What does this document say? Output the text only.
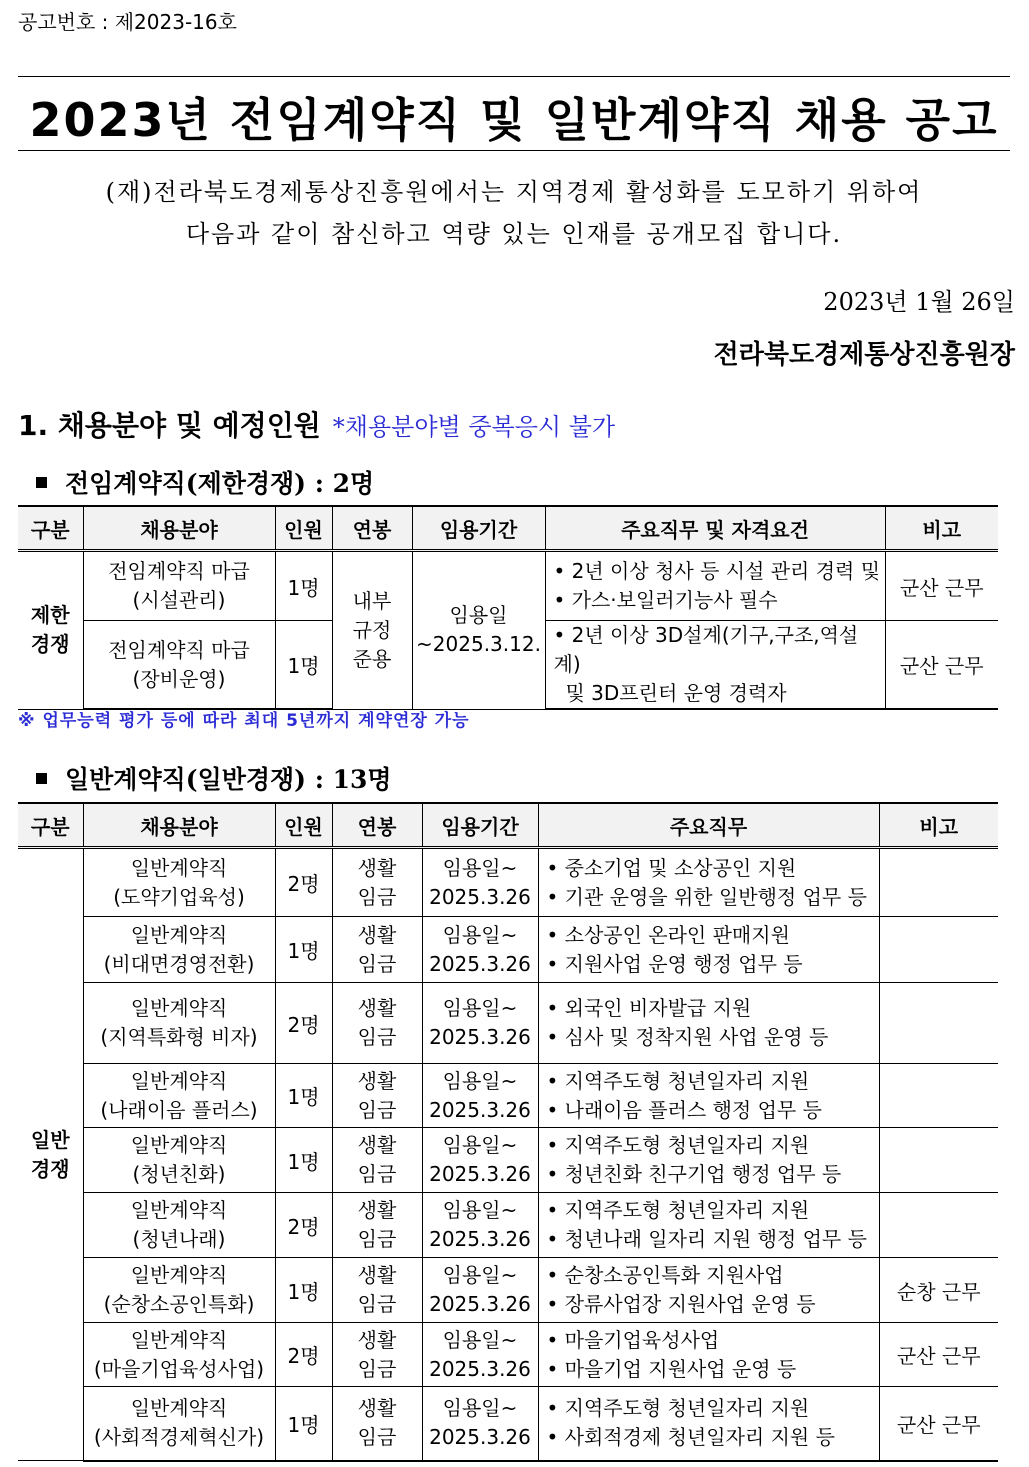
공고번호 : 제2023-16호
2023년 전임계약직 및 일반계약직 채용 공고
(재)전라북도경제통상진흥원에서는 지역경제 활성화를 도모하기 위하여
다음과 같이 참신하고 역량 있는 인재를 공개모집 합니다.
2023년 1월 26일
전라북도경제통상진흥원장
1. 채용분야 및 예정인원 *채용분야별 중복응시 불가
전임계약직(제한경쟁) : 2명
구분	채용분야	인원	연봉	임용기간	주요직무 및 자격요건	비고

제한
경쟁	전임계약직 마급
(시설관리)	1명	내부
규정
준용	임용일
~2025.3.12.	• 2년 이상 청사 등 시설 관리 경력 및
• 가스·보일러기능사 필수	군산 근무

	전임계약직 마급
(장비운영)	1명			• 2년 이상 3D설계(기구,구조,역설계)
및 3D프린터 운영 경력자	군산 근무
※ 업무능력 평가 등에 따라 최대 5년까지 계약연장 가능
일반계약직(일반경쟁) : 13명
구분	채용분야	인원	연봉	임용기간	주요직무	비고

일반
경쟁	일반계약직
(도약기업육성)	2명	생활
임금	임용일~
2025.3.26	• 중소기업 및 소상공인 지원
• 기관 운영을 위한 일반행정 업무 등	

	일반계약직
(비대면경영전환)	1명	생활
임금	임용일~
2025.3.26	• 소상공인 온라인 판매지원
• 지원사업 운영 행정 업무 등	

	일반계약직
(지역특화형 비자)	2명	생활
임금	임용일~
2025.3.26	• 외국인 비자발급 지원
• 심사 및 정착지원 사업 운영 등	

	일반계약직
(나래이음 플러스)	1명	생활
임금	임용일~
2025.3.26	• 지역주도형 청년일자리 지원
• 나래이음 플러스 행정 업무 등	

	일반계약직
(청년친화)	1명	생활
임금	임용일~
2025.3.26	• 지역주도형 청년일자리 지원
• 청년친화 친구기업 행정 업무 등	

	일반계약직
(청년나래)	2명	생활
임금	임용일~
2025.3.26	• 지역주도형 청년일자리 지원
• 청년나래 일자리 지원 행정 업무 등	

	일반계약직
(순창소공인특화)	1명	생활
임금	임용일~
2025.3.26	• 순창소공인특화 지원사업
• 장류사업장 지원사업 운영 등	순창 근무

	일반계약직
(마을기업육성사업)	2명	생활
임금	임용일~
2025.3.26	• 마을기업육성사업
• 마을기업 지원사업 운영 등	군산 근무

	일반계약직
(사회적경제혁신가)	1명	생활
임금	임용일~
2025.3.26	• 지역주도형 청년일자리 지원
• 사회적경제 청년일자리 지원 등	군산 근무
